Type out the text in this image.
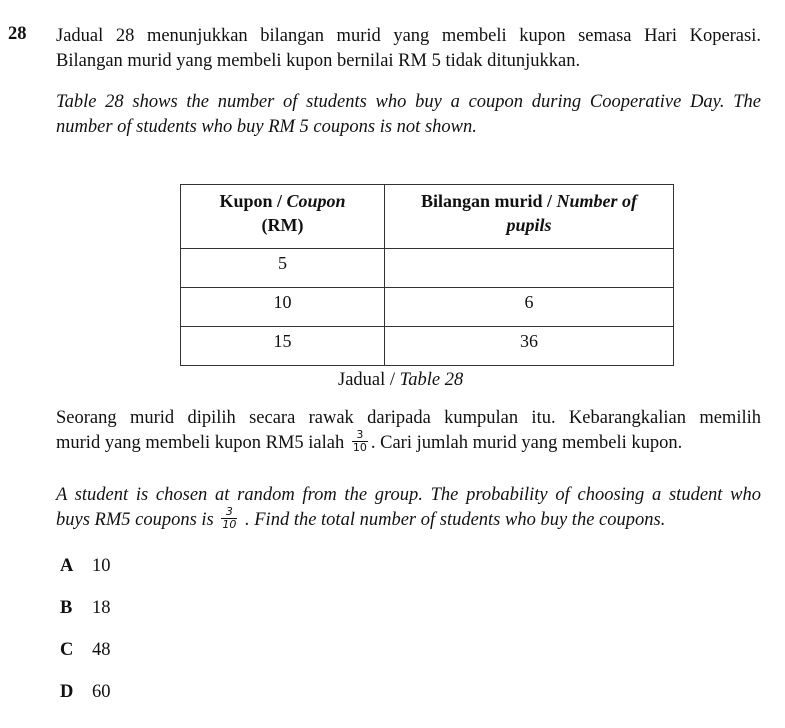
28 Jadual 28 menunjukkan bilangan murid yang membeli kupon semasa Hari Koperasi.
Bilangan murid yang membeli kupon bernilai RM 5 tidak ditunjukkan.
Table 28 shows the number of students who buy a coupon during Cooperative Day. The
number of students who buy RM 5 coupons is not shown.
Kupon / Coupon
(RM)	Bilangan murid / Number of
pupils
5	
10	6
15	36
Jadual / Table 28
Seorang murid dipilih secara rawak daripada kumpulan itu. Kebarangkalian memilih
murid yang membeli kupon RM5 ialah $\frac{3}{10}$ . Cari jumlah murid yang membeli kupon.
A student is chosen at random from the group. The probability of choosing a student who
buys RM5 coupons is $\frac{3}{10}$ . Find the total number of students who buy the coupons.
A 10
B 18
C 48
D 60
